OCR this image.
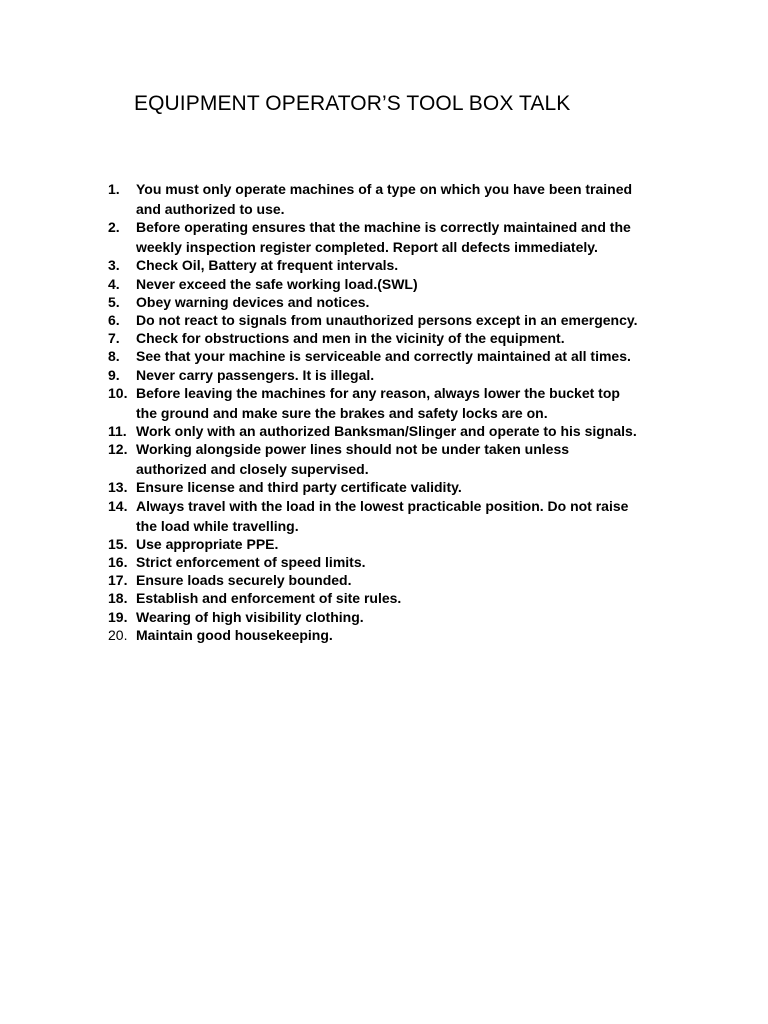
EQUIPMENT OPERATOR’S TOOL BOX TALK
1.	You must only operate machines of a type on which you have been trained
and authorized to use.
2.	Before operating ensures that the machine is correctly maintained and the
weekly inspection register completed. Report all defects immediately.
3.	Check Oil, Battery at frequent intervals.
4.	Never exceed the safe working load.(SWL)
5.	Obey warning devices and notices.
6.	Do not react to signals from unauthorized persons except in an emergency.
7.	Check for obstructions and men in the vicinity of the equipment.
8.	See that your machine is serviceable and correctly maintained at all times.
9.	Never carry passengers. It is illegal.
10. Before leaving the machines for any reason, always lower the bucket top
the ground and make sure the brakes and safety locks are on.
11. Work only with an authorized Banksman/Slinger and operate to his signals.
12. Working alongside power lines should not be under taken unless
authorized and closely supervised.
13. Ensure license and third party certificate validity.
14. Always travel with the load in the lowest practicable position. Do not raise
the load while travelling.
15. Use appropriate PPE.
16. Strict enforcement of speed limits.
17. Ensure loads securely bounded.
18. Establish and enforcement of site rules.
19. Wearing of high visibility clothing.
20. Maintain good housekeeping.
